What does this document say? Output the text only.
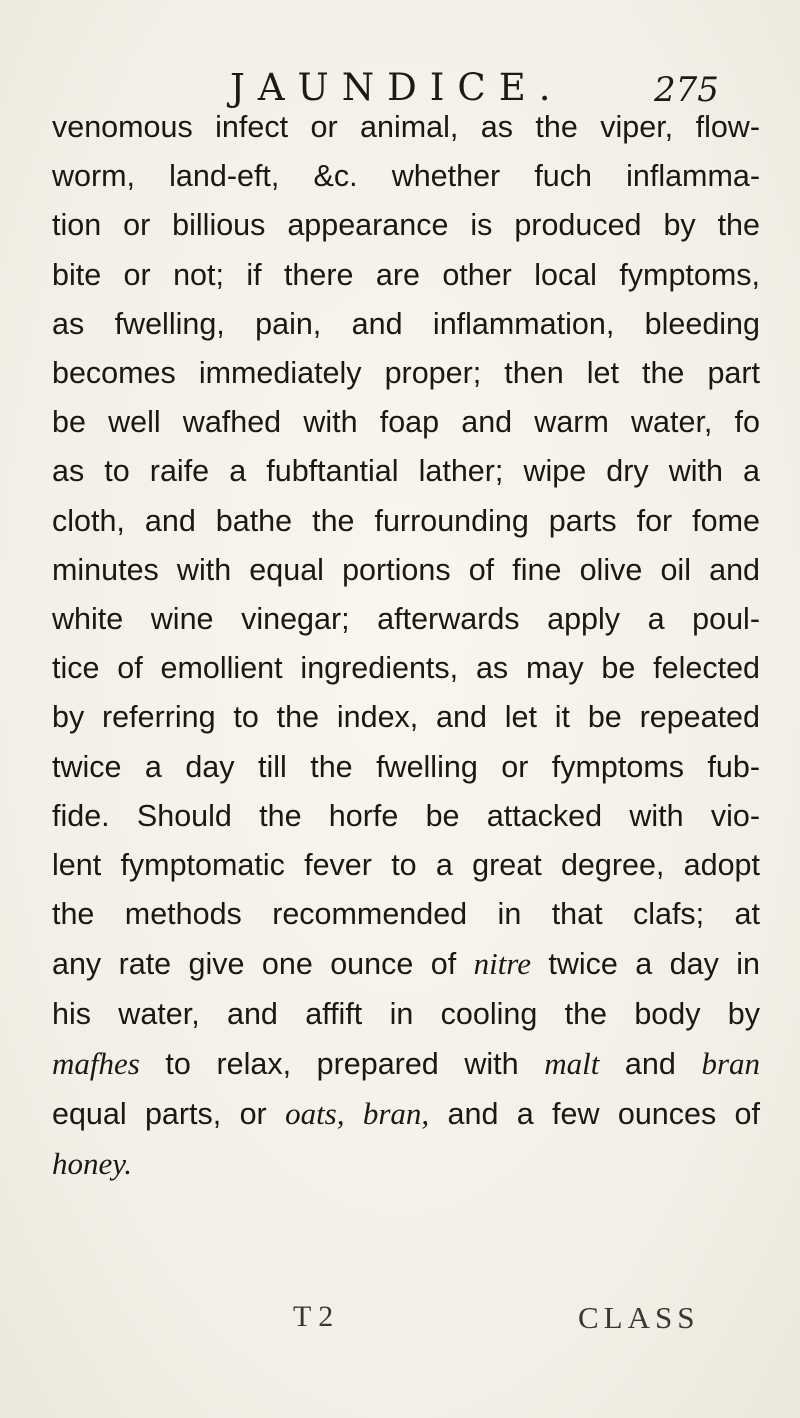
JAUNDICE.	275
venomous infect or animal, as the viper, flow-
worm, land-eft, &c. whether fuch inflamma-
tion or billious appearance is produced by the
bite or not; if there are other local fymptoms,
as fwelling, pain, and inflammation, bleeding
becomes immediately proper; then let the part
be well wafhed with foap and warm water, fo
as to raife a fubftantial lather; wipe dry with a
cloth, and bathe the furrounding parts for fome
minutes with equal portions of fine olive oil and
white wine vinegar; afterwards apply a poul-
tice of emollient ingredients, as may be felected
by referring to the index, and let it be repeated
twice a day till the fwelling or fymptoms fub-
fide. Should the horfe be attacked with vio-
lent fymptomatic fever to a great degree, adopt
the methods recommended in that clafs; at
any rate give one ounce of nitre twice a day in
his water, and affift in cooling the body by
mafhes to relax, prepared with malt and bran
equal parts, or oats, bran, and a few ounces of
honey.
T 2	CLASS
